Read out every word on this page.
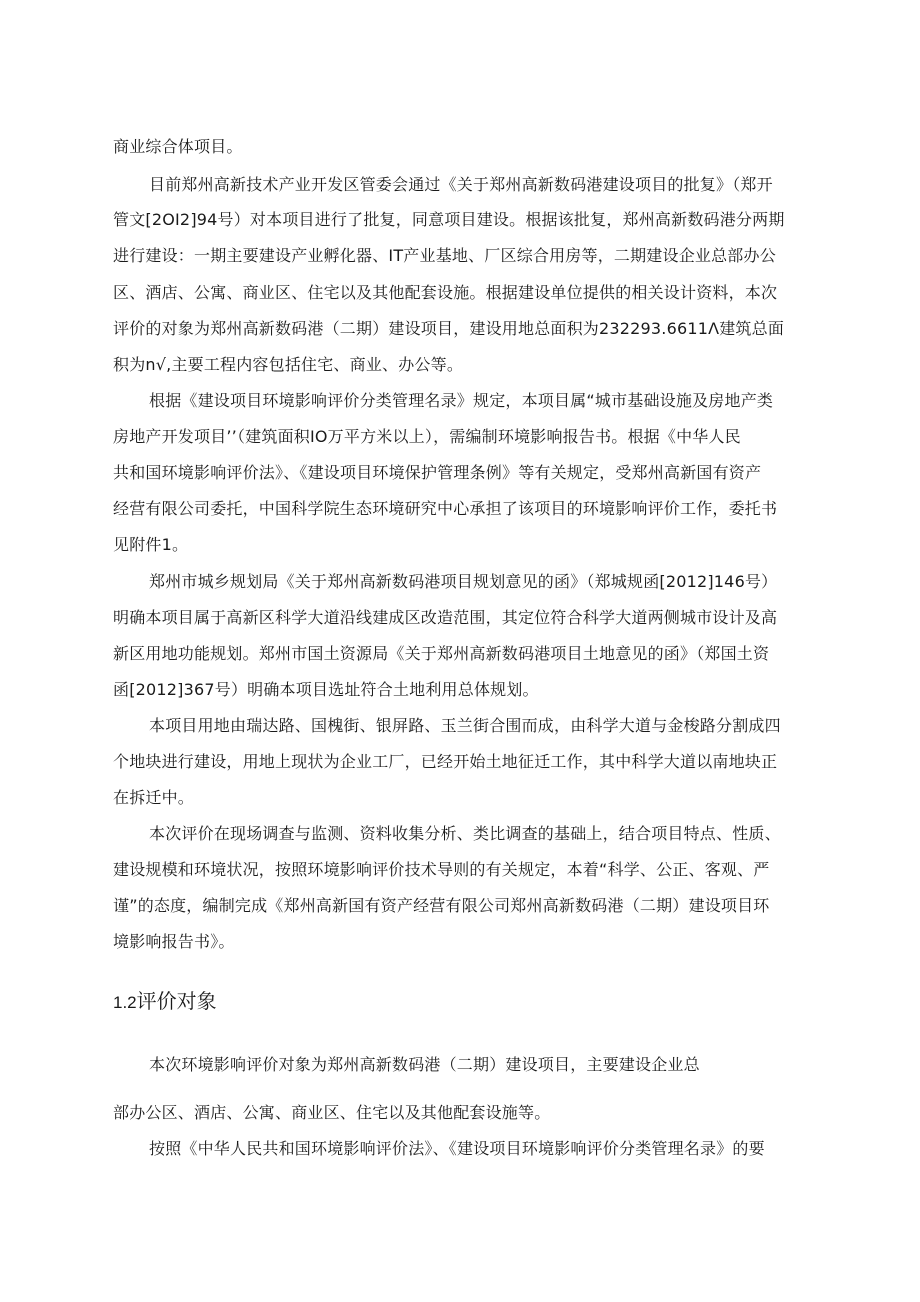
商业综合体项目。
目前郑州高新技术产业开发区管委会通过《关于郑州高新数码港建设项目的批复》（郑开
管文[2OI2]94号）对本项目进行了批复，同意项目建设。根据该批复，郑州高新数码港分两期
进行建设：一期主要建设产业孵化器、IT产业基地、厂区综合用房等，二期建设企业总部办公
区、酒店、公寓、商业区、住宅以及其他配套设施。根据建设单位提供的相关设计资料，本次
评价的对象为郑州高新数码港（二期）建设项目，建设用地总面积为232293.6611Λ建筑总面
积为n√,主要工程内容包括住宅、商业、办公等。
根据《建设项目环境影响评价分类管理名录》规定，本项目属“城市基础设施及房地产类
房地产开发项目’’（建筑面积IO万平方米以上），需编制环境影响报告书。根据《中华人民
共和国环境影响评价法》、《建设项目环境保护管理条例》等有关规定，受郑州高新国有资产
经营有限公司委托，中国科学院生态环境研究中心承担了该项目的环境影响评价工作，委托书
见附件1。
郑州市城乡规划局《关于郑州高新数码港项目规划意见的函》（郑城规函[2012]146号）
明确本项目属于高新区科学大道沿线建成区改造范围，其定位符合科学大道两侧城市设计及高
新区用地功能规划。郑州市国土资源局《关于郑州高新数码港项目土地意见的函》（郑国土资
函[2012]367号）明确本项目选址符合土地利用总体规划。
本项目用地由瑞达路、国槐街、银屏路、玉兰街合围而成，由科学大道与金梭路分割成四
个地块进行建设，用地上现状为企业工厂，已经开始土地征迁工作，其中科学大道以南地块正
在拆迁中。
本次评价在现场调查与监测、资料收集分析、类比调查的基础上，结合项目特点、性质、
建设规模和环境状况，按照环境影响评价技术导则的有关规定，本着“科学、公正、客观、严
谨”的态度，编制完成《郑州高新国有资产经营有限公司郑州高新数码港（二期）建设项目环
境影响报告书》。
1.2评价对象
本次环境影响评价对象为郑州高新数码港（二期）建设项目，主要建设企业总
部办公区、酒店、公寓、商业区、住宅以及其他配套设施等。
按照《中华人民共和国环境影响评价法》、《建设项目环境影响评价分类管理名录》的要
